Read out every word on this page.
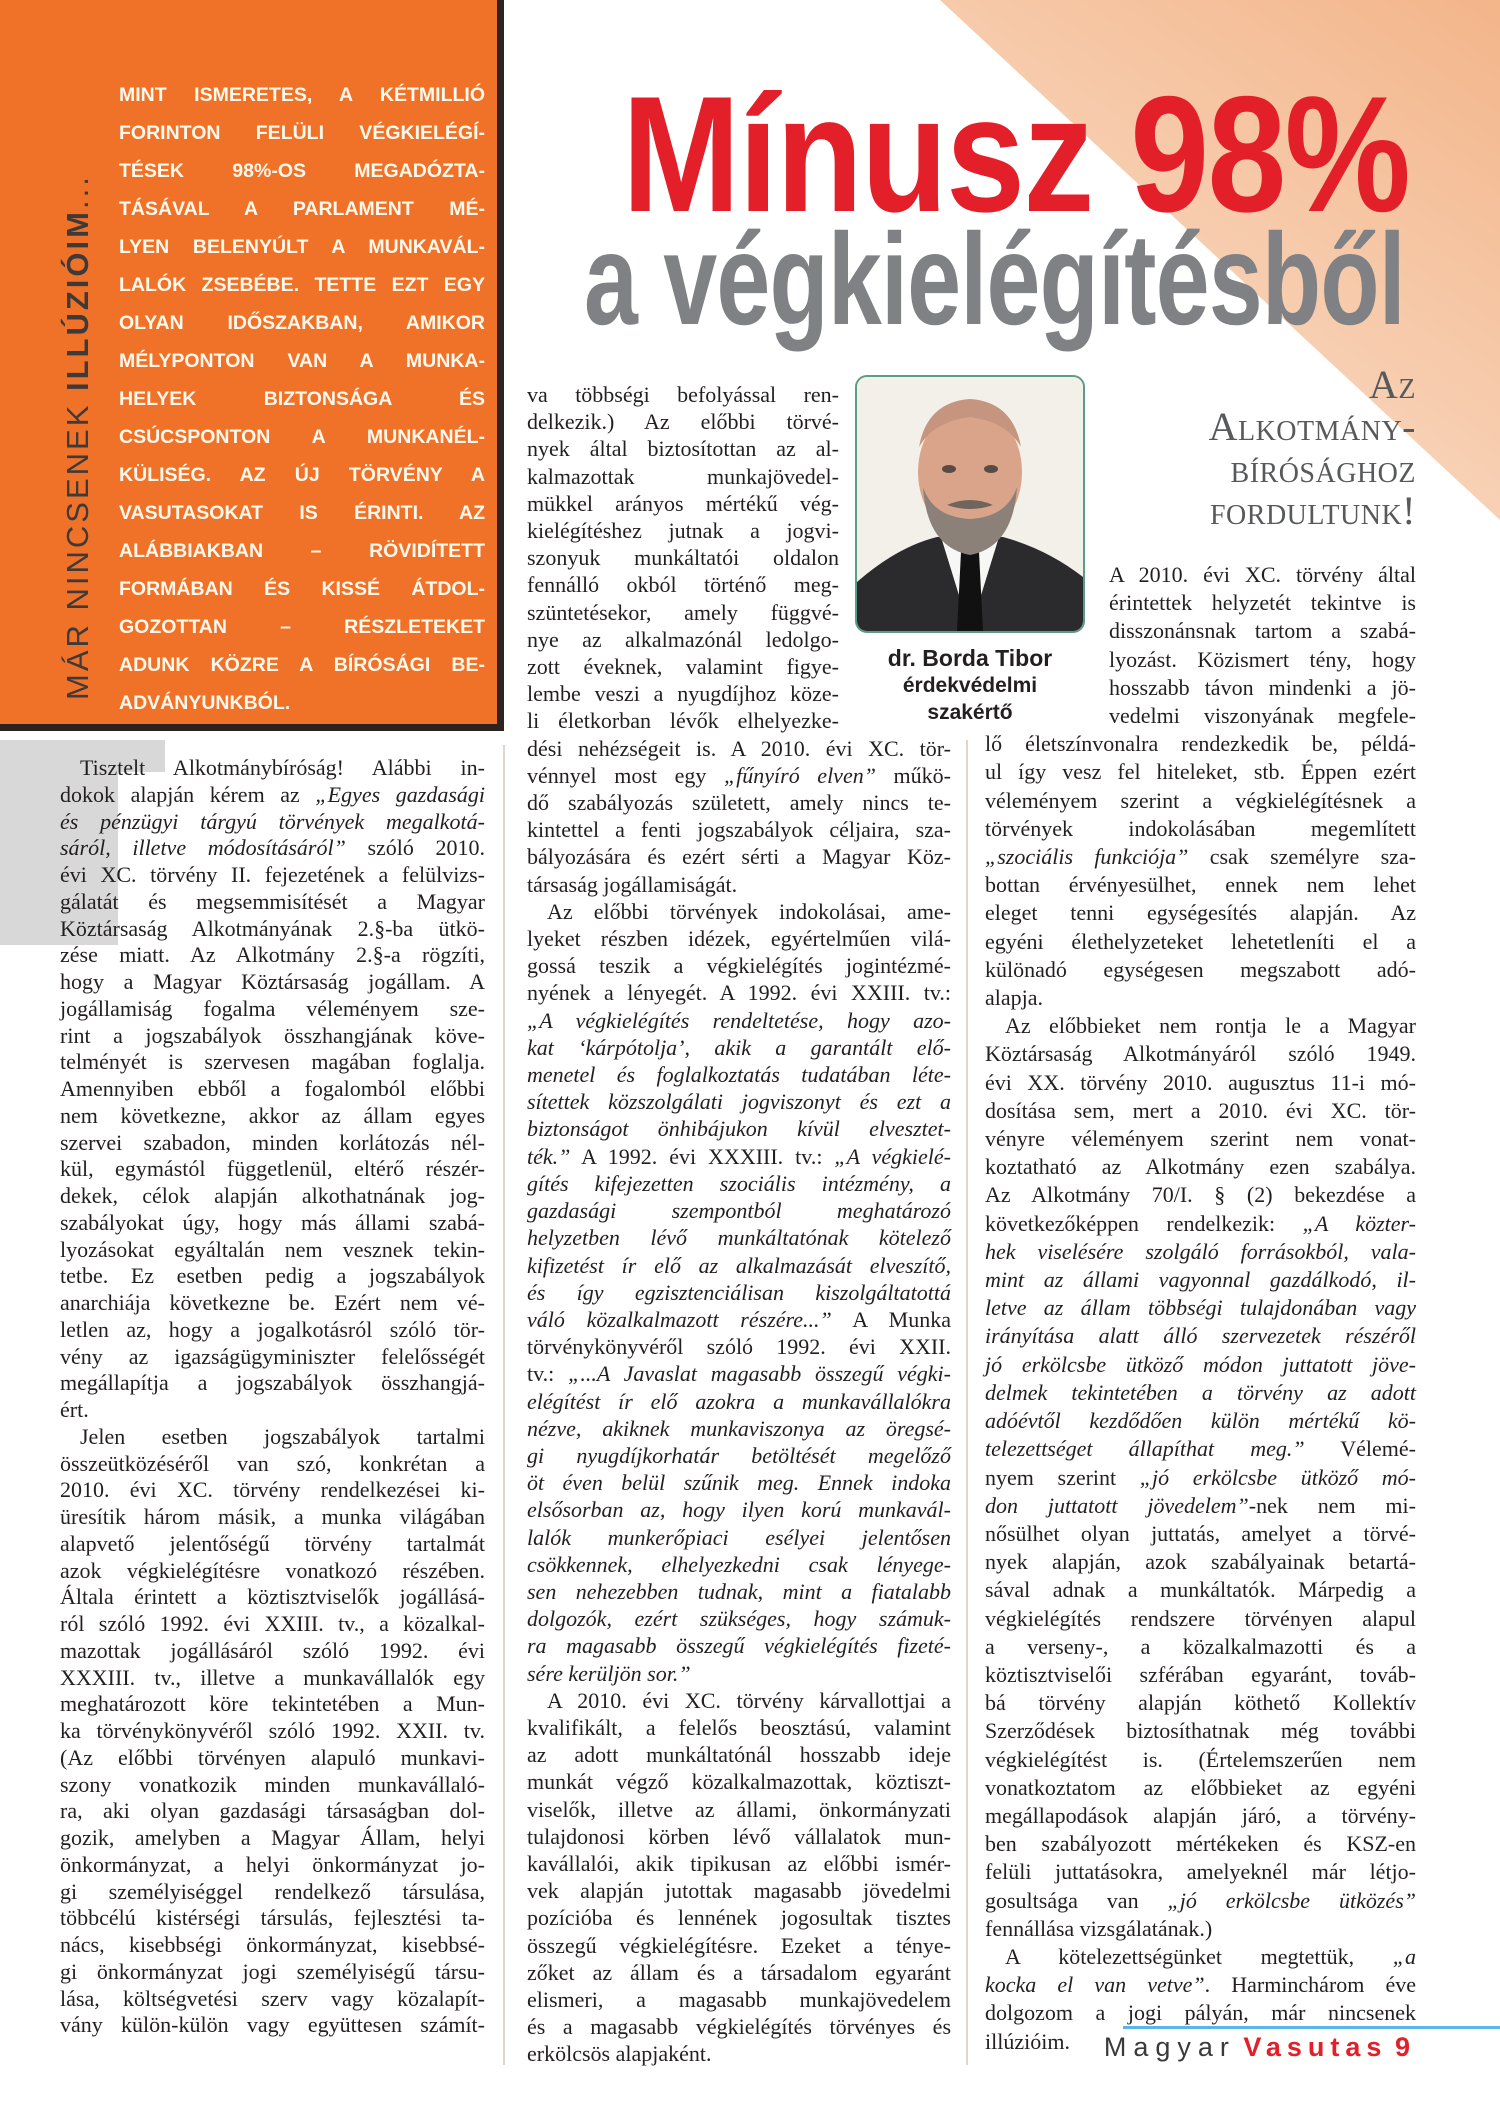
MÁR NINCSENEK ILLÚZIÓIM...
MINT ISMERETES, A KÉTMILLIÓ
FORINTON FELÜLI VÉGKIELÉGÍ-
TÉSEK 98%-OS MEGADÓZTA-
TÁSÁVAL A PARLAMENT MÉ-
LYEN BELENYÚLT A MUNKAVÁL-
LALÓK ZSEBÉBE. TETTE EZT EGY
OLYAN IDŐSZAKBAN, AMIKOR
MÉLYPONTON VAN A MUNKA-
HELYEK BIZTONSÁGA ÉS
CSÚCSPONTON A MUNKANÉL-
KÜLISÉG. AZ ÚJ TÖRVÉNY A
VASUTASOKAT IS ÉRINTI. AZ
ALÁBBIAKBAN – RÖVIDÍTETT
FORMÁBAN ÉS KISSÉ ÁTDOL-
GOZOTTAN – RÉSZLETEKET
ADUNK KÖZRE A BÍRÓSÁGI BE-
ADVÁNYUNKBÓL.
Mínusz 98%
a végkielégítésből
Az
Alkotmány-
bírósághoz
fordultunk!
dr. Borda Tibor
érdekvédelmi szakértő
Tisztelt Alkotmánybíróság! Alábbi in-
dokok alapján kérem az „Egyes gazdasági
és pénzügyi tárgyú törvények megalkotá-
sáról, illetve módosításáról” szóló 2010.
évi XC. törvény II. fejezetének a felülvizs-
gálatát és megsemmisítését a Magyar
Köztársaság Alkotmányának 2.§-ba ütkö-
zése miatt. Az Alkotmány 2.§-a rögzíti,
hogy a Magyar Köztársaság jogállam. A
jogállamiság fogalma véleményem sze-
rint a jogszabályok összhangjának köve-
telményét is szervesen magában foglalja.
Amennyiben ebből a fogalomból előbbi
nem következne, akkor az állam egyes
szervei szabadon, minden korlátozás nél-
kül, egymástól függetlenül, eltérő részér-
dekek, célok alapján alkothatnának jog-
szabályokat úgy, hogy más állami szabá-
lyozásokat egyáltalán nem vesznek tekin-
tetbe. Ez esetben pedig a jogszabályok
anarchiája következne be. Ezért nem vé-
letlen az, hogy a jogalkotásról szóló tör-
vény az igazságügyminiszter felelősségét
megállapítja a jogszabályok összhangjá-
ért.
Jelen esetben jogszabályok tartalmi
összeütközéséről van szó, konkrétan a
2010. évi XC. törvény rendelkezései ki-
üresítik három másik, a munka világában
alapvető jelentőségű törvény tartalmát
azok végkielégítésre vonatkozó részében.
Általa érintett a köztisztviselők jogállásá-
ról szóló 1992. évi XXIII. tv., a közalkal-
mazottak jogállásáról szóló 1992. évi
XXXIII. tv., illetve a munkavállalók egy
meghatározott köre tekintetében a Mun-
ka törvénykönyvéről szóló 1992. XXII. tv.
(Az előbbi törvényen alapuló munkavi-
szony vonatkozik minden munkavállaló-
ra, aki olyan gazdasági társaságban dol-
gozik, amelyben a Magyar Állam, helyi
önkormányzat, a helyi önkormányzat jo-
gi személyiséggel rendelkező társulása,
többcélú kistérségi társulás, fejlesztési ta-
nács, kisebbségi önkormányzat, kisebbsé-
gi önkormányzat jogi személyiségű társu-
lása, költségvetési szerv vagy közalapít-
vány külön-külön vagy együttesen számít-
va többségi befolyással ren-
delkezik.) Az előbbi törvé-
nyek által biztosítottan az al-
kalmazottak munkajövedel-
mükkel arányos mértékű vég-
kielégítéshez jutnak a jogvi-
szonyuk munkáltatói oldalon
fennálló okból történő meg-
szüntetésekor, amely függvé-
nye az alkalmazónál ledolgo-
zott éveknek, valamint figye-
lembe veszi a nyugdíjhoz köze-
li életkorban lévők elhelyezke-
dési nehézségeit is. A 2010. évi XC. tör-
vénnyel most egy „fűnyíró elven” műkö-
dő szabályozás született, amely nincs te-
kintettel a fenti jogszabályok céljaira, sza-
bályozására és ezért sérti a Magyar Köz-
társaság jogállamiságát.
Az előbbi törvények indokolásai, ame-
lyeket részben idézek, egyértelműen vilá-
gossá teszik a végkielégítés jogintézmé-
nyének a lényegét. A 1992. évi XXIII. tv.:
„A végkielégítés rendeltetése, hogy azo-
kat ‘kárpótolja’, akik a garantált elő-
menetel és foglalkoztatás tudatában léte-
sítettek közszolgálati jogviszonyt és ezt a
biztonságot önhibájukon kívül elvesztet-
ték.” A 1992. évi XXXIII. tv.: „A végkielé-
gítés kifejezetten szociális intézmény, a
gazdasági szempontból meghatározó
helyzetben lévő munkáltatónak kötelező
kifizetést ír elő az alkalmazását elveszítő,
és így egzisztenciálisan kiszolgáltatottá
váló közalkalmazott részére...” A Munka
törvénykönyvéről szóló 1992. évi XXII.
tv.: „...A Javaslat magasabb összegű végki-
elégítést ír elő azokra a munkavállalókra
nézve, akiknek munkaviszonya az öregsé-
gi nyugdíjkorhatár betöltését megelőző
öt éven belül szűnik meg. Ennek indoka
elsősorban az, hogy ilyen korú munkavál-
lalók munkerőpiaci esélyei jelentősen
csökkennek, elhelyezkedni csak lényege-
sen nehezebben tudnak, mint a fiatalabb
dolgozók, ezért szükséges, hogy számuk-
ra magasabb összegű végkielégítés fizeté-
sére kerüljön sor.”
A 2010. évi XC. törvény kárvallottjai a
kvalifikált, a felelős beosztású, valamint
az adott munkáltatónál hosszabb ideje
munkát végző közalkalmazottak, köztiszt-
viselők, illetve az állami, önkormányzati
tulajdonosi körben lévő vállalatok mun-
kavállalói, akik tipikusan az előbbi ismér-
vek alapján jutottak magasabb jövedelmi
pozícióba és lennének jogosultak tisztes
összegű végkielégítésre. Ezeket a ténye-
zőket az állam és a társadalom egyaránt
elismeri, a magasabb munkajövedelem
és a magasabb végkielégítés törvényes és
erkölcsös alapjaként.
A 2010. évi XC. törvény által
érintettek helyzetét tekintve is
disszonánsnak tartom a szabá-
lyozást. Közismert tény, hogy
hosszabb távon mindenki a jö-
vedelmi viszonyának megfele-
lő életszínvonalra rendezkedik be, példá-
ul így vesz fel hiteleket, stb. Éppen ezért
véleményem szerint a végkielégítésnek a
törvények indokolásában megemlített
„szociális funkciója” csak személyre sza-
bottan érvényesülhet, ennek nem lehet
eleget tenni egységesítés alapján. Az
egyéni élethelyzeteket lehetetleníti el a
különadó egységesen megszabott adó-
alapja.
Az előbbieket nem rontja le a Magyar
Köztársaság Alkotmányáról szóló 1949.
évi XX. törvény 2010. augusztus 11-i mó-
dosítása sem, mert a 2010. évi XC. tör-
vényre véleményem szerint nem vonat-
koztatható az Alkotmány ezen szabálya.
Az Alkotmány 70/I. § (2) bekezdése a
következőképpen rendelkezik: „A közter-
hek viselésére szolgáló forrásokból, vala-
mint az állami vagyonnal gazdálkodó, il-
letve az állam többségi tulajdonában vagy
irányítása alatt álló szervezetek részéről
jó erkölcsbe ütköző módon juttatott jöve-
delmek tekintetében a törvény az adott
adóévtől kezdődően külön mértékű kö-
telezettséget állapíthat meg.” Vélemé-
nyem szerint „jó erkölcsbe ütköző mó-
don juttatott jövedelem”-nek nem mi-
nősülhet olyan juttatás, amelyet a törvé-
nyek alapján, azok szabályainak betartá-
sával adnak a munkáltatók. Márpedig a
végkielégítés rendszere törvényen alapul
a verseny-, a közalkalmazotti és a
köztisztviselői szférában egyaránt, továb-
bá törvény alapján köthető Kollektív
Szerződések biztosíthatnak még további
végkielégítést is. (Értelemszerűen nem
vonatkoztatom az előbbieket az egyéni
megállapodások alapján járó, a törvény-
ben szabályozott mértékeken és KSZ-en
felüli juttatásokra, amelyeknél már létjo-
gosultsága van „jó erkölcsbe ütközés”
fennállása vizsgálatának.)
A kötelezettségünket megtettük, „a
kocka el van vetve”. Harminchárom éve
dolgozom a jogi pályán, már nincsenek
illúzióim.	Magyar Vasutas 9
